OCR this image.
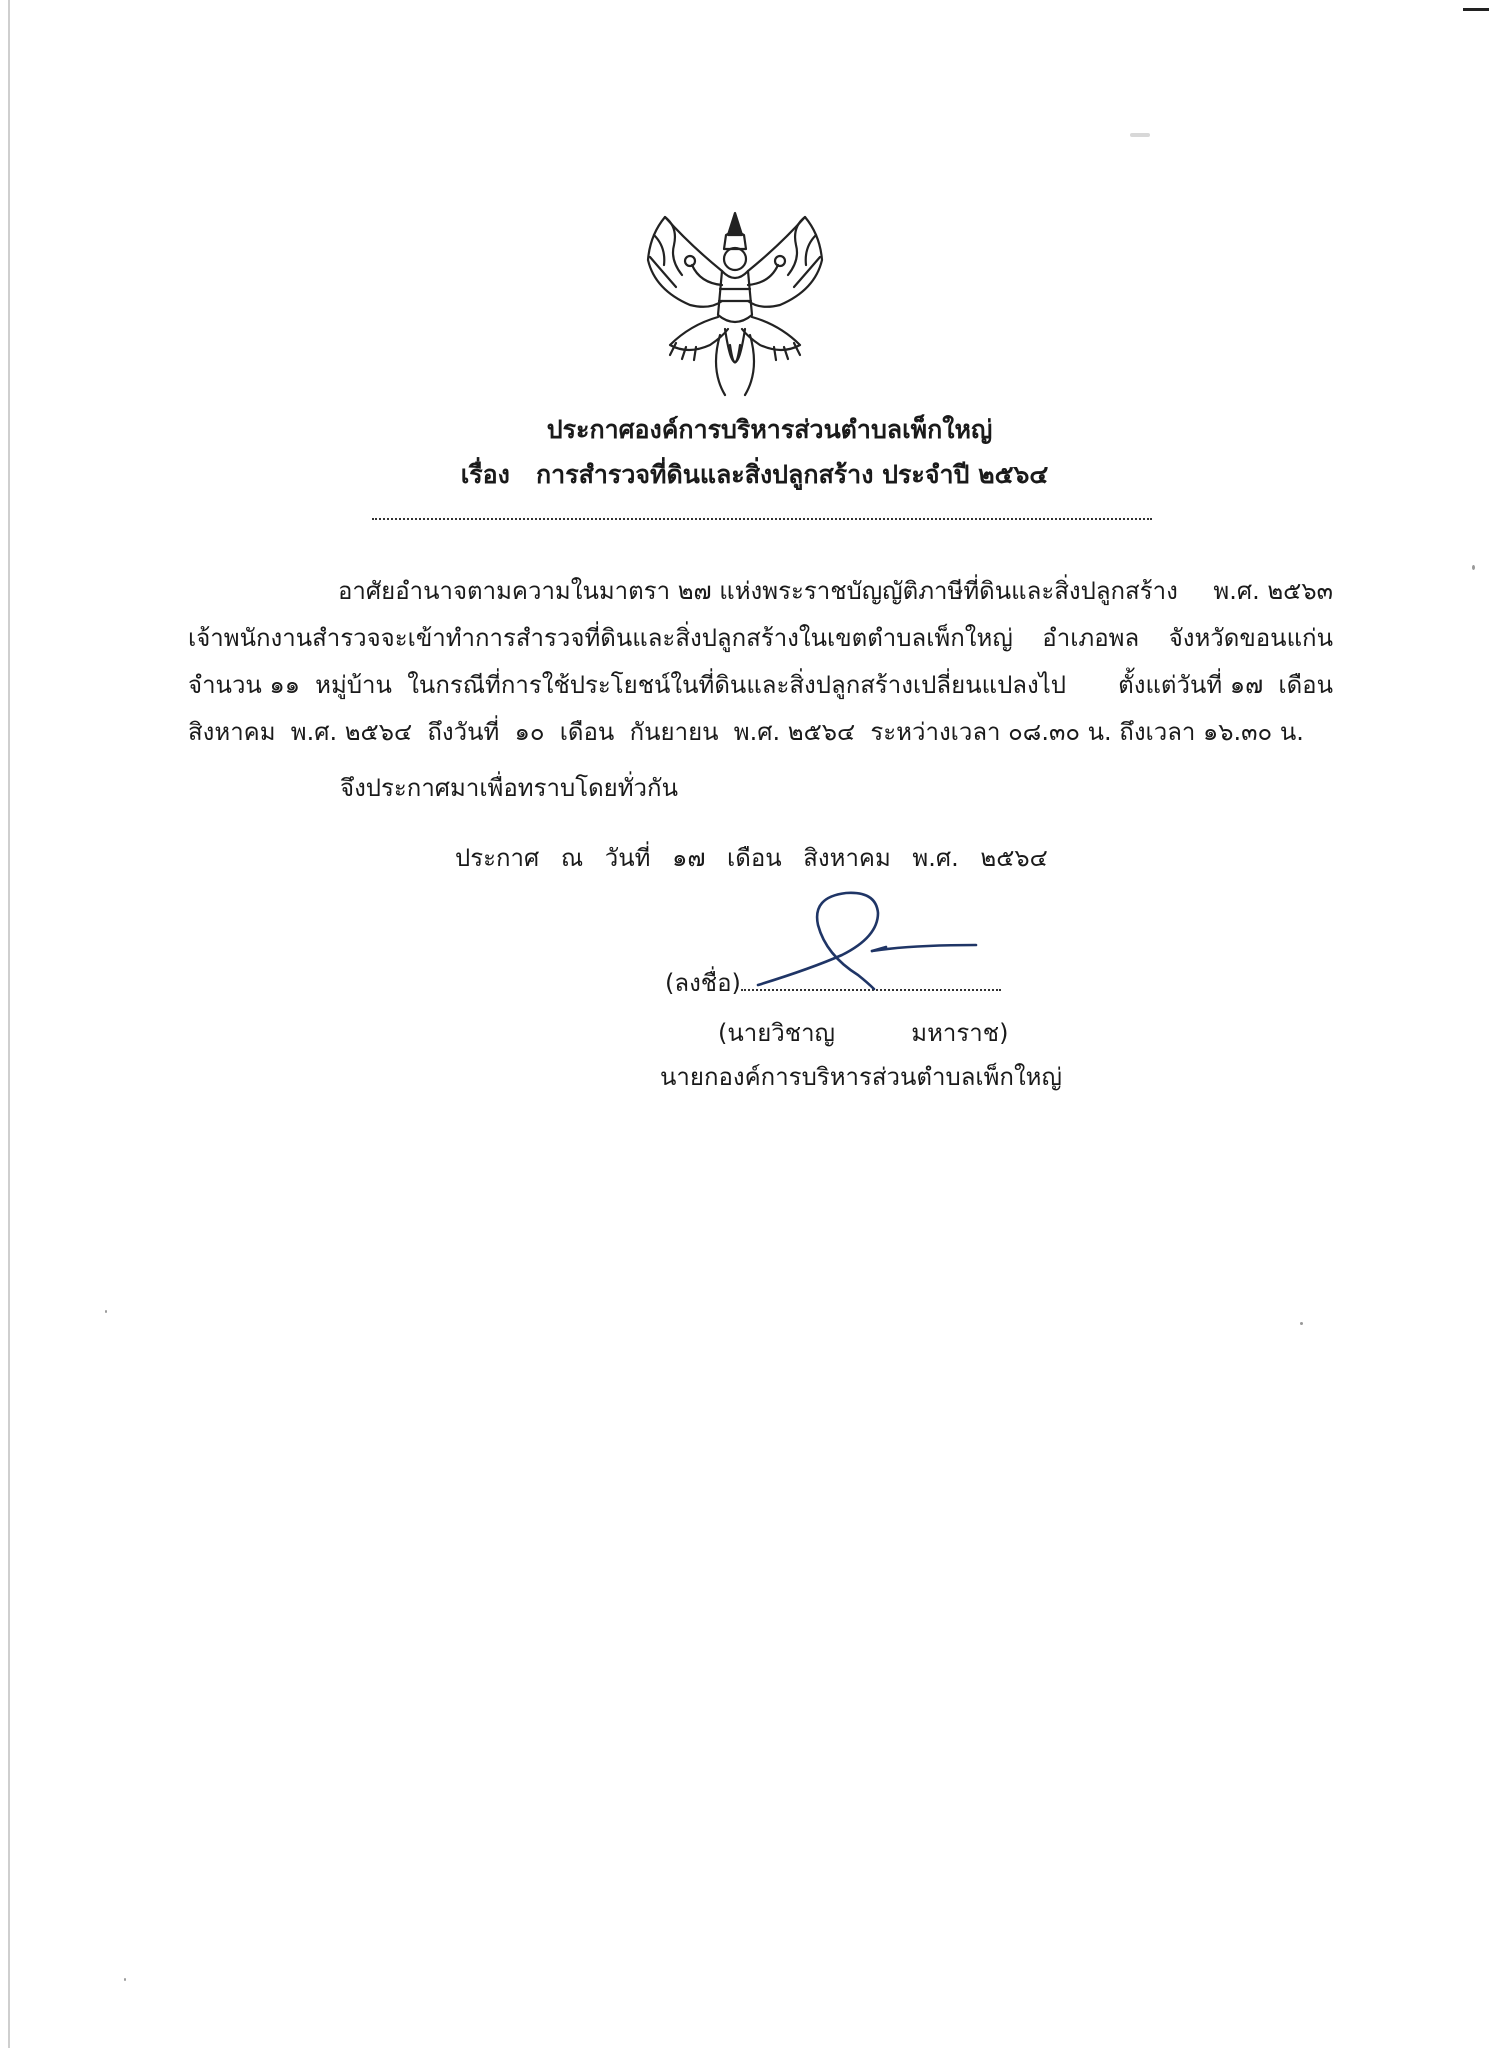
ประกาศองค์การบริหารส่วนตำบลเพ็กใหญ่
เรื่อง การสำรวจที่ดินและสิ่งปลูกสร้าง ประจำปี ๒๕๖๔
อาศัยอำนาจตามความในมาตรา ๒๗ แห่งพระราชบัญญัติภาษีที่ดินและสิ่งปลูกสร้าง พ.ศ. ๒๕๖๓
เจ้าพนักงานสำรวจจะเข้าทำการสำรวจที่ดินและสิ่งปลูกสร้างในเขตตำบลเพ็กใหญ่ อำเภอพล จังหวัดขอนแก่น
จำนวน ๑๑  หมู่บ้าน  ในกรณีที่การใช้ประโยชน์ในที่ดินและสิ่งปลูกสร้างเปลี่ยนแปลงไป ตั้งแต่วันที่ ๑๗  เดือน
สิงหาคม  พ.ศ. ๒๕๖๔  ถึงวันที่  ๑๐  เดือน  กันยายน  พ.ศ. ๒๕๖๔  ระหว่างเวลา ๐๘.๓๐ น. ถึงเวลา ๑๖.๓๐ น.
จึงประกาศมาเพื่อทราบโดยทั่วกัน
ประกาศ ณ วันที่ ๑๗ เดือน สิงหาคม พ.ศ. ๒๕๖๔
(ลงชื่อ)
(นายวิชาญ          มหาราช)
นายกองค์การบริหารส่วนตำบลเพ็กใหญ่
